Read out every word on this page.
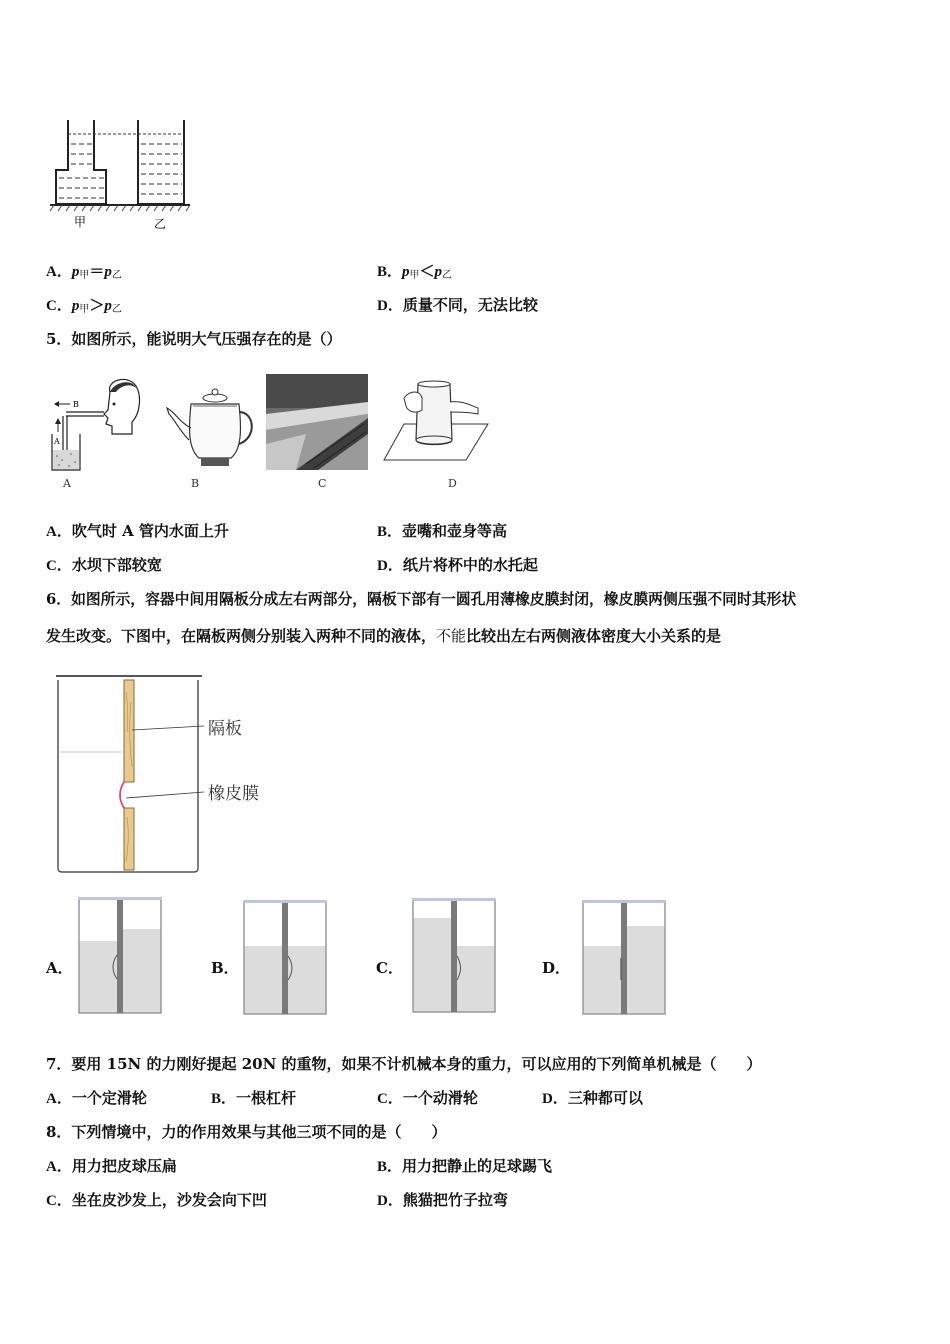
甲	乙
A．$p_甲=p_乙$	B．$p_甲<p_乙$
C．$p_甲>p_乙$	D．质量不同，无法比较
5．如图所示，能说明大气压强存在的是（）
B
A
A	B	C	D
A．吹气时 A 管内水面上升	B．壶嘴和壶身等高
C．水坝下部较宽	D．纸片将杯中的水托起
6．如图所示，容器中间用隔板分成左右两部分，隔板下部有一圆孔用薄橡皮膜封闭，橡皮膜两侧压强不同时其形状
发生改变。下图中，在隔板两侧分别装入两种不同的液体，不能比较出左右两侧液体密度大小关系的是
隔板
橡皮膜
A．	B．	C．	D．
7．要用 15N 的力刚好提起 20N 的重物，如果不计机械本身的重力，可以应用的下列简单机械是（　　）
A．一个定滑轮	B．一根杠杆	C．一个动滑轮	D．三种都可以
8．下列情境中，力的作用效果与其他三项不同的是（　　）
A．用力把皮球压扁	B．用力把静止的足球踢飞
C．坐在皮沙发上，沙发会向下凹	D．熊猫把竹子拉弯
